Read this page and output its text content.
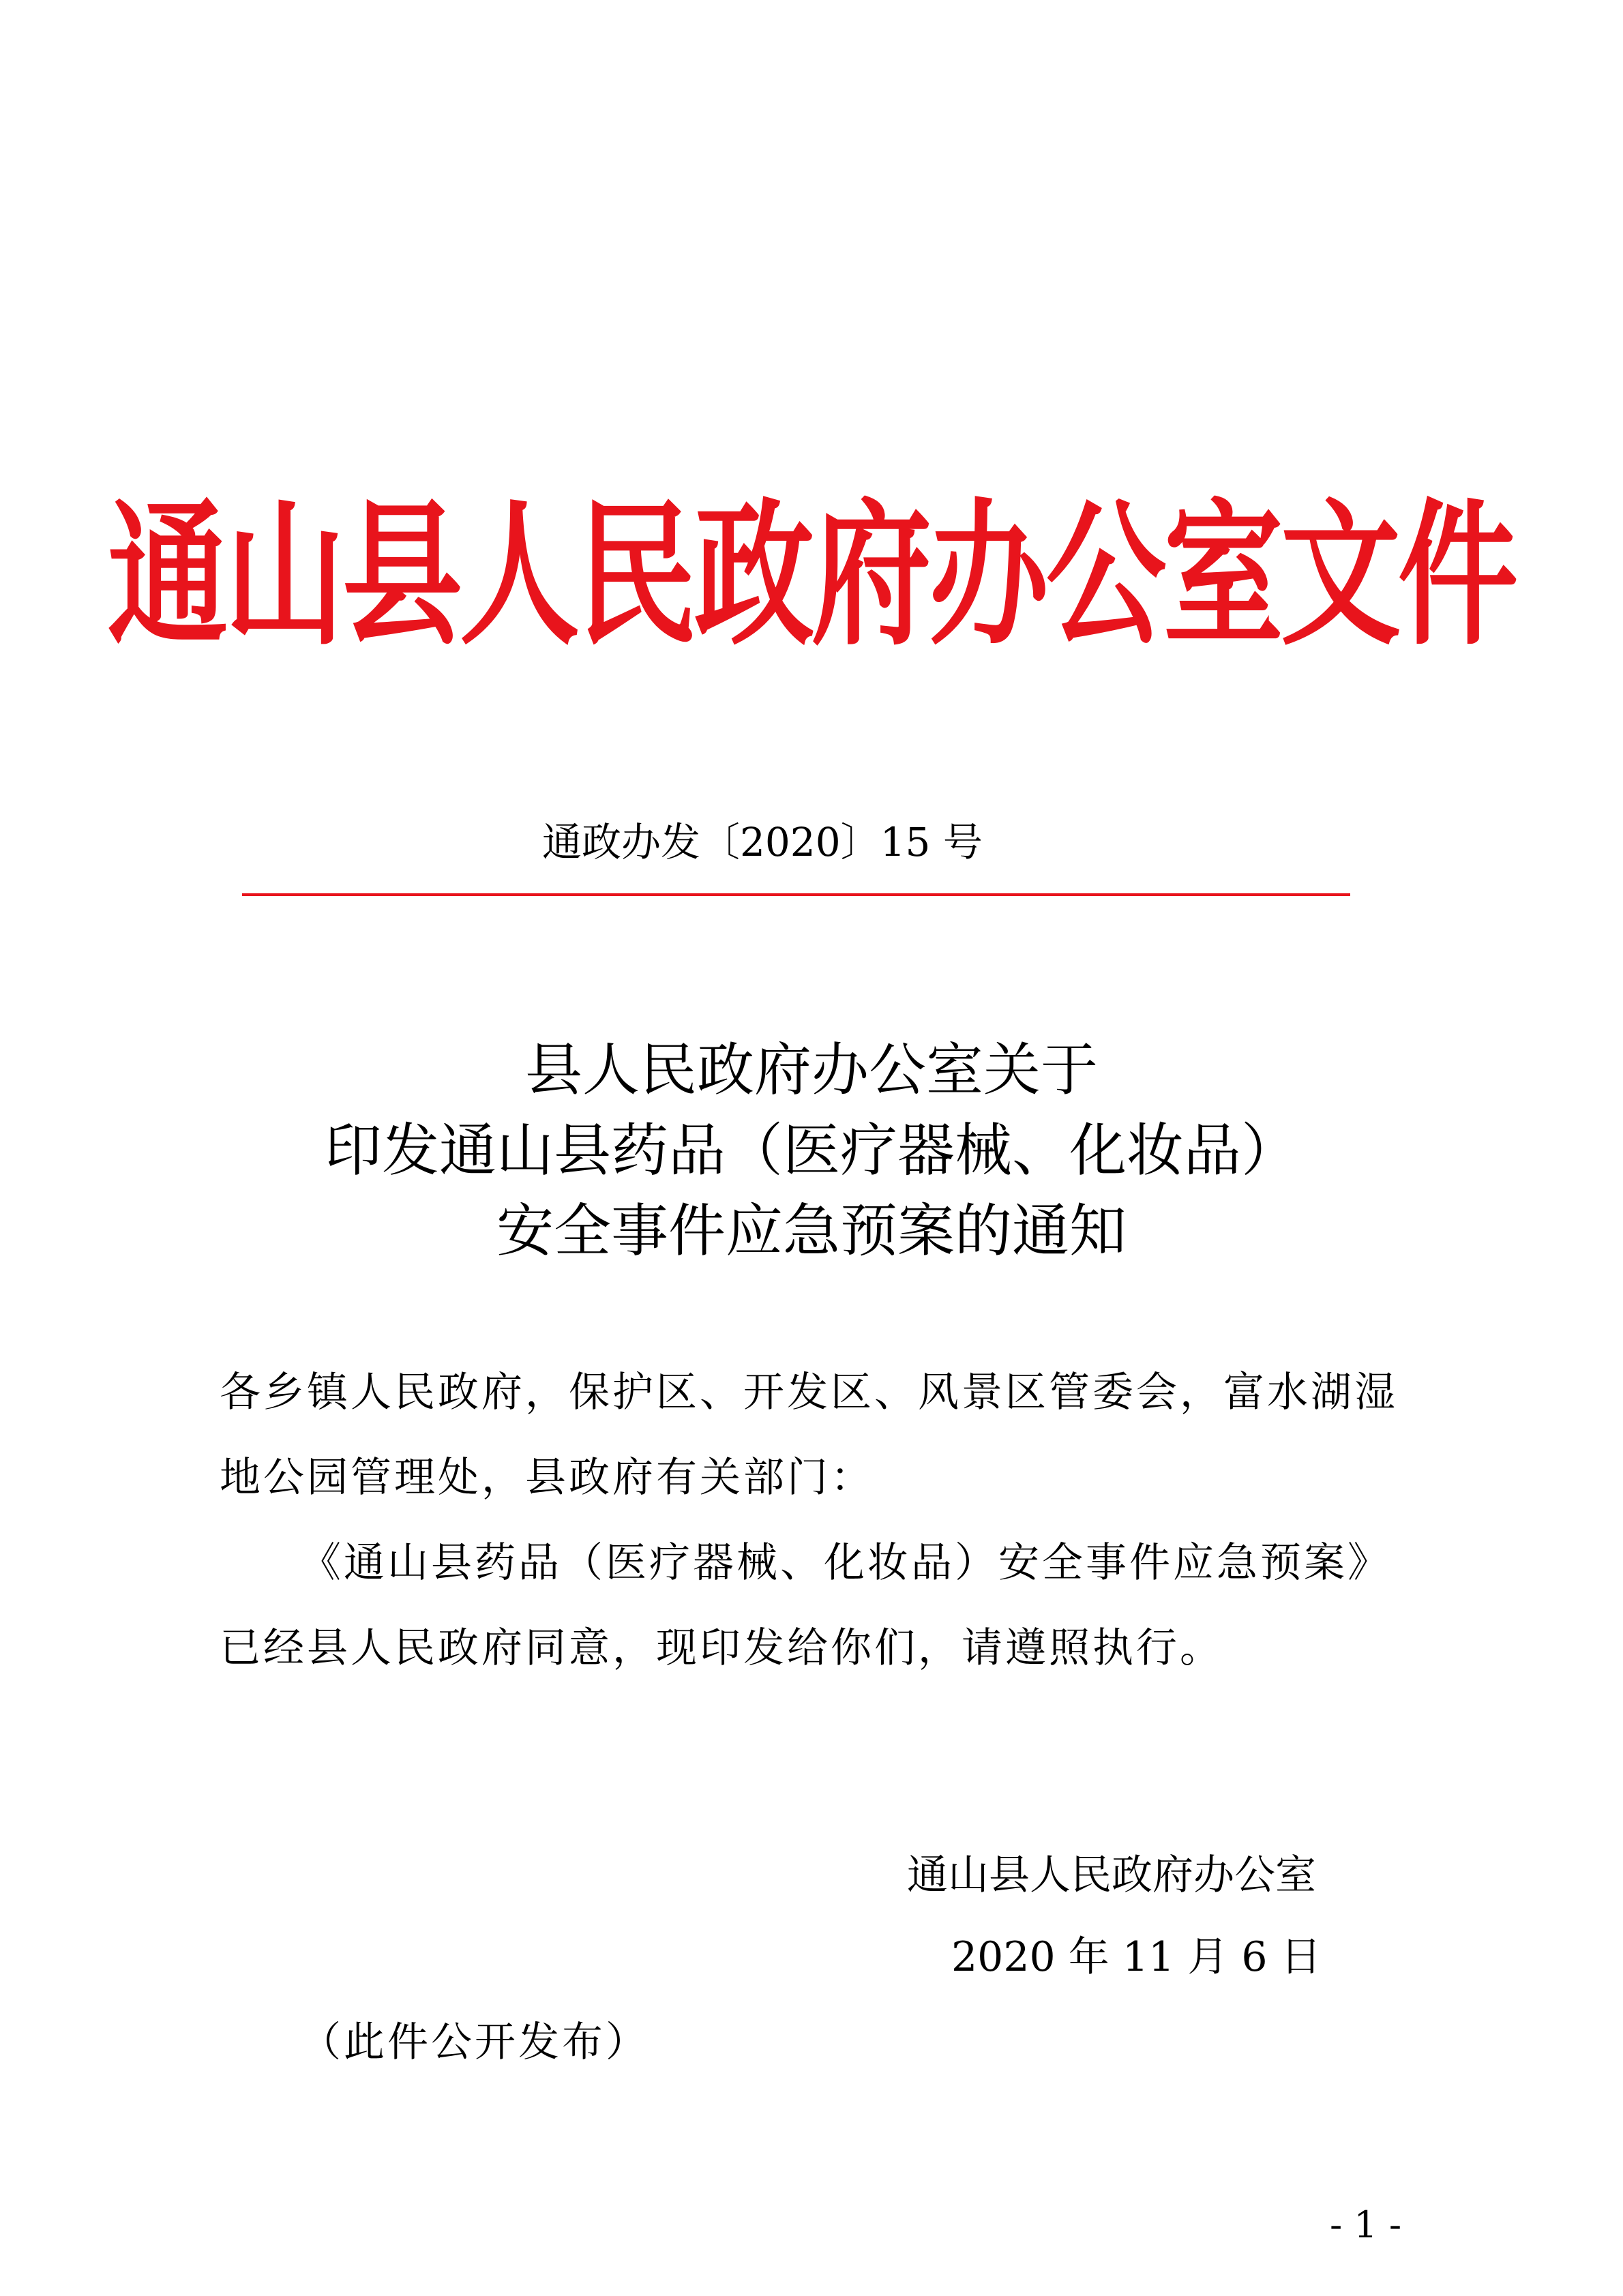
通山县人民政府办公室文件
通政办发〔2020〕15 号
县人民政府办公室关于
印发通山县药品（医疗器械、化妆品）
安全事件应急预案的通知
各乡镇人民政府，保护区、开发区、风景区管委会，富水湖湿
地公园管理处，县政府有关部门：
《通山县药品（医疗器械、化妆品）安全事件应急预案》
已经县人民政府同意，现印发给你们，请遵照执行。
通山县人民政府办公室
2020 年 11 月 6 日
（此件公开发布）
- 1 -
